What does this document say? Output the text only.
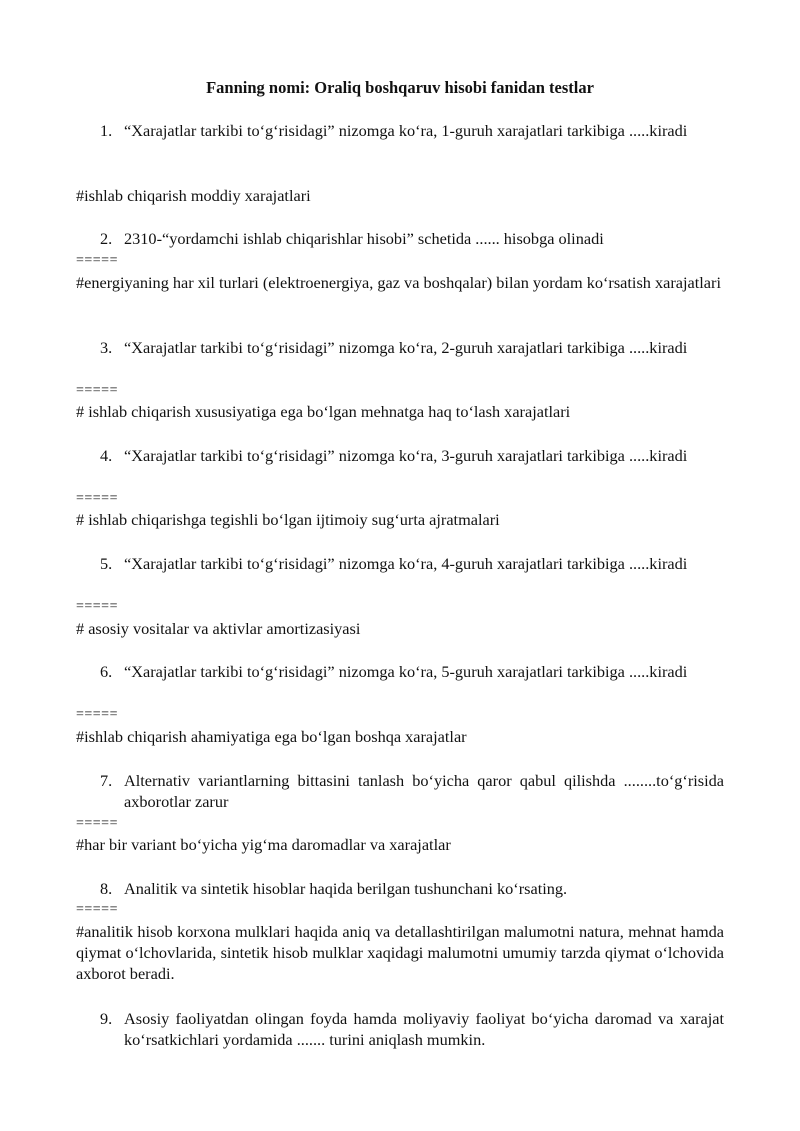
Fanning nomi: Oraliq boshqaruv hisobi fanidan testlar
1. “Xarajatlar tarkibi to‘g‘risidagi” nizomga ko‘ra, 1-guruh xarajatlari tarkibiga .....kiradi
#ishlab chiqarish moddiy xarajatlari
2. 2310-“yordamchi ishlab chiqarishlar hisobi” schetida ...... hisobga olinadi
=====
#energiyaning har xil turlari (elektroenergiya, gaz va boshqalar) bilan yordam ko‘rsatish xarajatlari
3. “Xarajatlar tarkibi to‘g‘risidagi” nizomga ko‘ra, 2-guruh xarajatlari tarkibiga .....kiradi
=====
# ishlab chiqarish xususiyatiga ega bo‘lgan mehnatga haq to‘lash xarajatlari
4. “Xarajatlar tarkibi to‘g‘risidagi” nizomga ko‘ra, 3-guruh xarajatlari tarkibiga .....kiradi
=====
# ishlab chiqarishga tegishli bo‘lgan ijtimoiy sug‘urta ajratmalari
5. “Xarajatlar tarkibi to‘g‘risidagi” nizomga ko‘ra, 4-guruh xarajatlari tarkibiga .....kiradi
=====
# asosiy vositalar va aktivlar amortizasiyasi
6. “Xarajatlar tarkibi to‘g‘risidagi” nizomga ko‘ra, 5-guruh xarajatlari tarkibiga .....kiradi
=====
#ishlab chiqarish ahamiyatiga ega bo‘lgan boshqa xarajatlar
7. Alternativ variantlarning bittasini tanlash bo‘yicha qaror qabul qilishda ........to‘g‘risida axborotlar zarur
=====
#har bir variant bo‘yicha yig‘ma daromadlar va xarajatlar
8. Analitik va sintetik hisoblar haqida berilgan tushunchani ko‘rsating.
=====
#analitik hisob korxona mulklari haqida aniq va detallashtirilgan malumotni natura, mehnat hamda qiymat o‘lchovlarida, sintetik hisob mulklar xaqidagi malumotni umumiy tarzda qiymat o‘lchovida axborot beradi.
9. Asosiy faoliyatdan olingan foyda hamda moliyaviy faoliyat bo‘yicha daromad va xarajat ko‘rsatkichlari yordamida ....... turini aniqlash mumkin.
